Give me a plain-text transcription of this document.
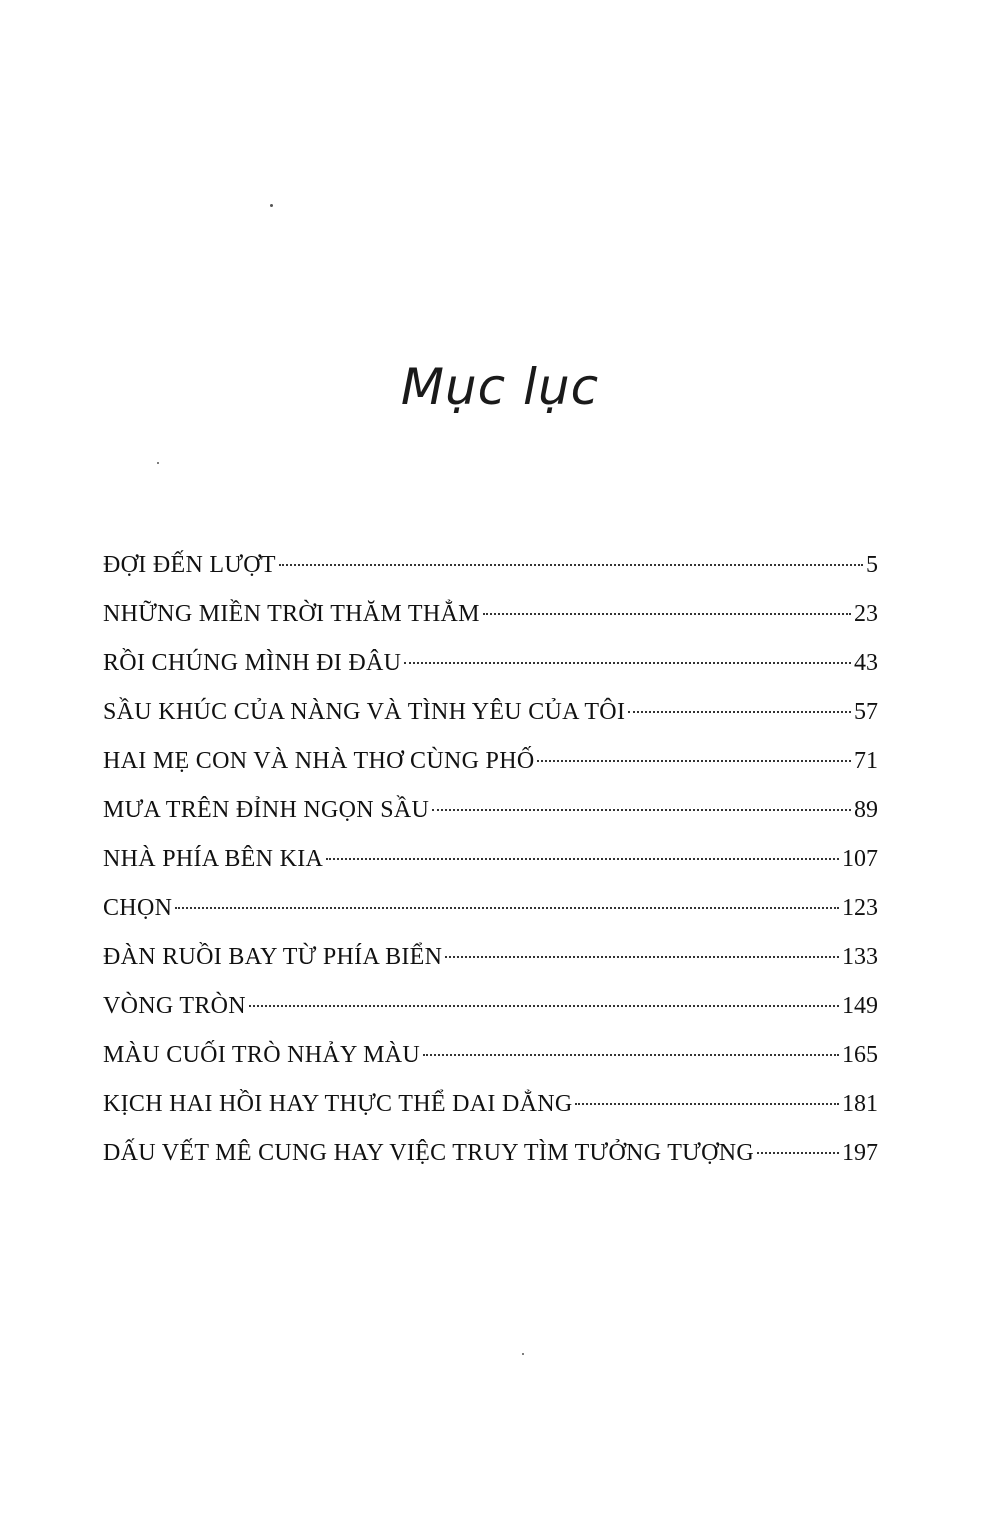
Mục lục
ĐỢI ĐẾN LƯỢT	5
NHỮNG MIỀN TRỜI THĂM THẲM	23
RỒI CHÚNG MÌNH ĐI ĐÂU	43
SẦU KHÚC CỦA NÀNG VÀ TÌNH YÊU CỦA TÔI	57
HAI MẸ CON VÀ NHÀ THƠ CÙNG PHỐ	71
MƯA TRÊN ĐỈNH NGỌN SẦU	89
NHÀ PHÍA BÊN KIA	107
CHỌN	123
ĐÀN RUỒI BAY TỪ PHÍA BIỂN	133
VÒNG TRÒN	149
MÀU CUỐI TRÒ NHẢY MÀU	165
KỊCH HAI HỒI HAY THỰC THỂ DAI DẲNG	181
DẤU VẾT MÊ CUNG HAY VIỆC TRUY TÌM TƯỞNG TƯỢNG	197
